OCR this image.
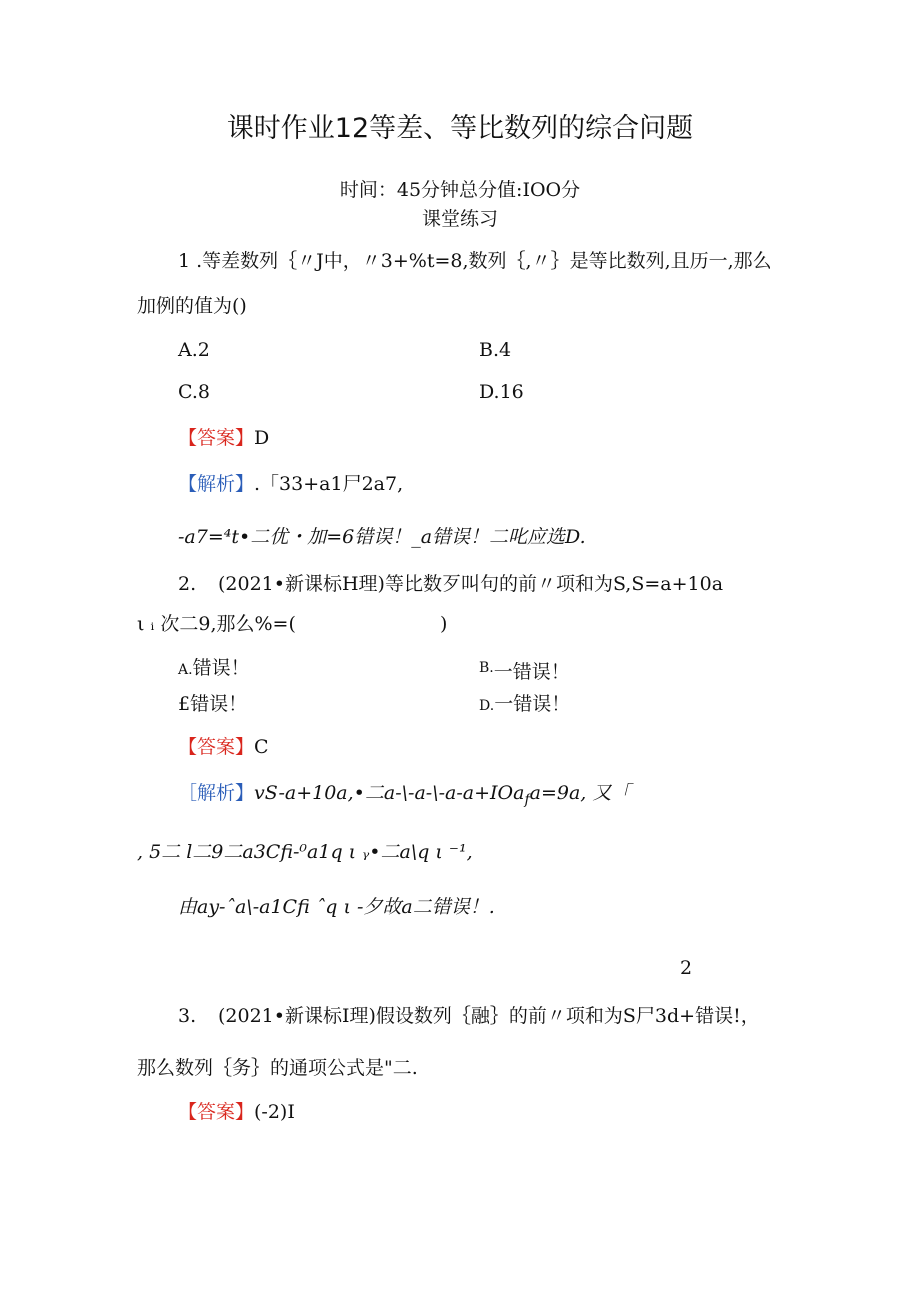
课时作业12等差、等比数列的综合问题
时间：45分钟总分值:IOO分
课堂练习
1 .等差数列｛〃J中，〃3+%t=8,数列｛,〃｝是等比数列,且历一,那么
加例的值为()
A.2	B.4
C.8	D.16
【答案】D
【解析】.「33+a1尸2a7,
-a7=⁴t•二优・加=6错误！_a错误！二叱应选D.
2. (2021•新课标H理)等比数歹叫句的前〃项和为S,S=a+10a
ι ᵢ 次二9,那么%=(	)
A.错误！	$^{B.}$一错误！
£错误！	D.一错误！
【答案】C
［解析】vS-a+10a,•二a-\-a-\-a-a+IOa$_f$a=9a, 又「
, 5二 l二9二a3Cfi-⁰a1q ι ᵧ•二a\q ι ⁻¹,
由ay-ˆa\-a1Cfi ˆq ι -夕故a二错误！.
2
3. (2021•新课标I理)假设数列｛融｝的前〃项和为S尸3d+错误!，
那么数列｛务｝的通项公式是"二.
【答案】(-2)I
